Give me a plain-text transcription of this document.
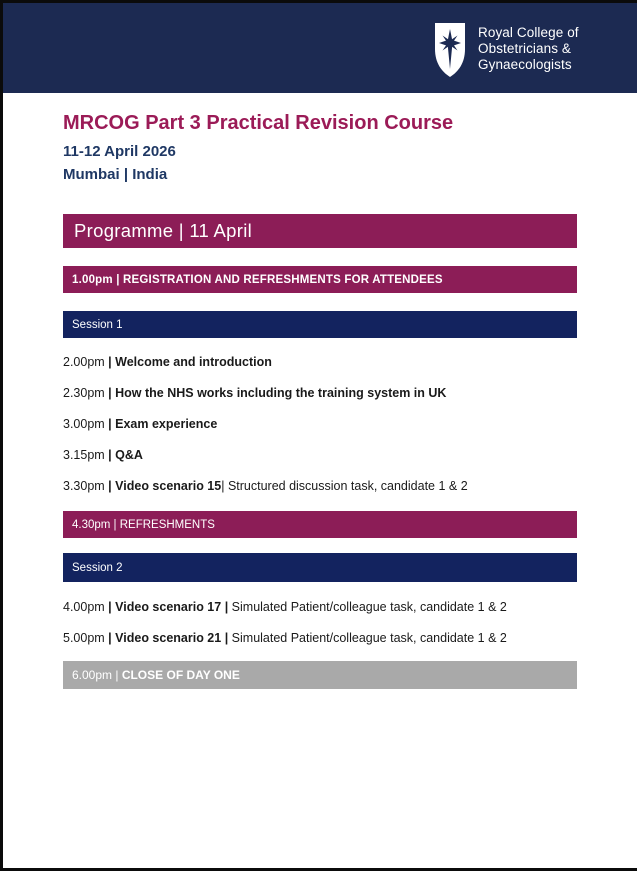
Royal College of
Obstetricians &
Gynaecologists
MRCOG Part 3 Practical Revision Course
11-12 April 2026
Mumbai | India
Programme | 11 April
1.00pm | REGISTRATION AND REFRESHMENTS FOR ATTENDEES
Session 1
2.00pm | Welcome and introduction
2.30pm | How the NHS works including the training system in UK
3.00pm | Exam experience
3.15pm | Q&A
3.30pm | Video scenario 15| Structured discussion task, candidate 1 & 2
4.30pm | REFRESHMENTS
Session 2
4.00pm | Video scenario 17 | Simulated Patient/colleague task, candidate 1 & 2
5.00pm | Video scenario 21 | Simulated Patient/colleague task, candidate 1 & 2
6.00pm | CLOSE OF DAY ONE
